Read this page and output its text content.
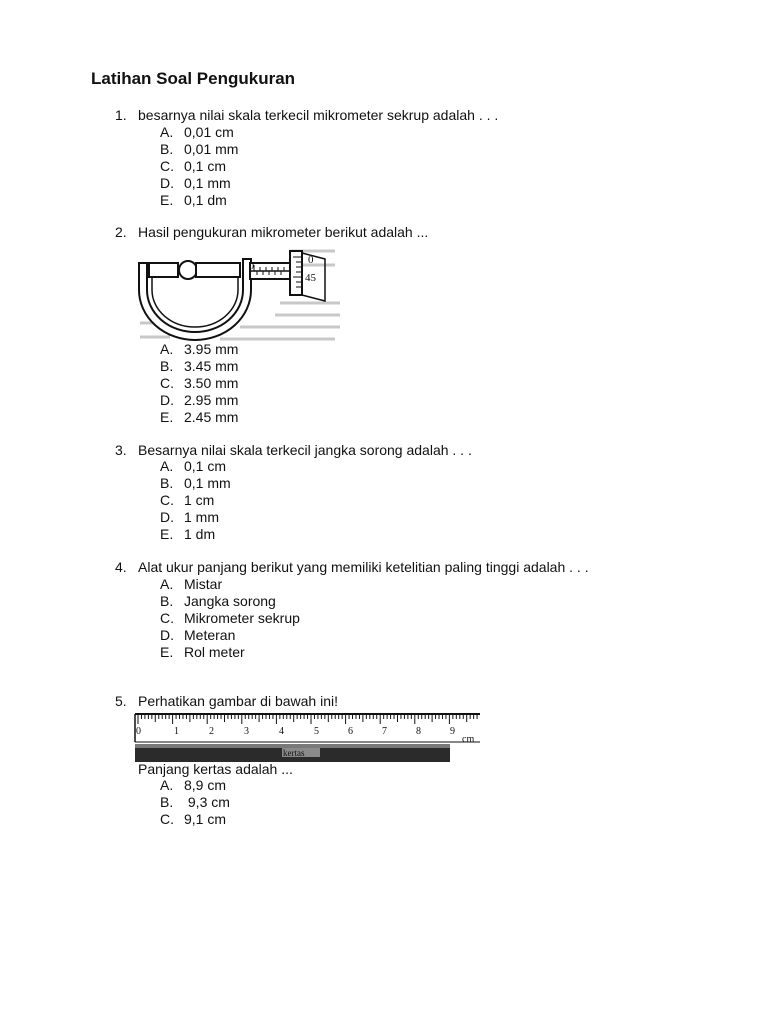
Latihan Soal Pengukuran
1. besarnya nilai skala terkecil mikrometer sekrup adalah . . .
A. 0,01 cm
B. 0,01 mm
C. 0,1 cm
D. 0,1 mm
E. 0,1 dm
2. Hasil pengukuran mikrometer berikut adalah ...
0
0
45
A. 3.95 mm
B. 3.45 mm
C. 3.50 mm
D. 2.95 mm
E. 2.45 mm
3. Besarnya nilai skala terkecil jangka sorong adalah . . .
A. 0,1 cm
B. 0,1 mm
C. 1 cm
D. 1 mm
E. 1 dm
4. Alat ukur panjang berikut yang memiliki ketelitian paling tinggi adalah . . .
A. Mistar
B. Jangka sorong
C. Mikrometer sekrup
D. Meteran
E. Rol meter
5. Perhatikan gambar di bawah ini!
0	1	2	3	4	5	6	7	8	9
cm
kertas
Panjang kertas adalah ...
A. 8,9 cm
B. 9,3 cm
C. 9,1 cm
